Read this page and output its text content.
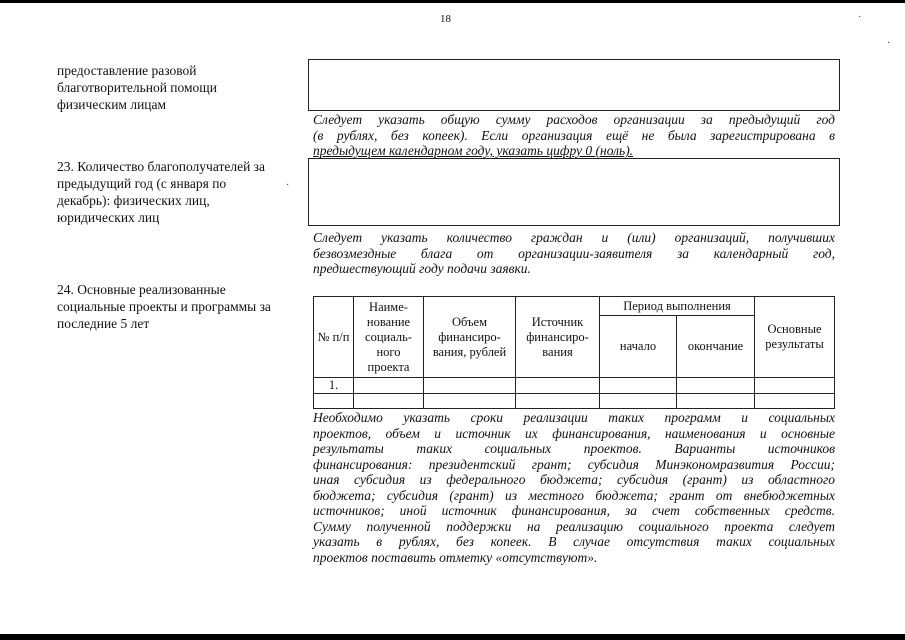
18	·
·
·
предоставление разовой
благотворительной помощи
физическим лицам
Следует указать общую сумму расходов организации за предыдущий год
(в рублях, без копеек). Если организация ещё не была зарегистрирована в
предыдущем календарном году, указать цифру 0 (ноль).
23. Количество благополучателей за
предыдущий год (с января по
декабрь): физических лиц,
юридических лиц
Следует указать количество граждан и (или) организаций, получивших
безвозмездные блага от организации-заявителя за календарный год,
предшествующий году подачи заявки.
24. Основные реализованные
социальные проекты и программы за
последние 5 лет
№ п/п	Наиме-нование социаль-ного проекта	Объем финансиро-вания, рублей	Источник финансиро-вания	Период выполнения		Основные результаты
				начало	окончание	
1.						

Необходимо указать сроки реализации таких программ и социальных
проектов, объем и источник их финансирования, наименования и основные
результаты таких социальных проектов. Варианты источников
финансирования: президентский грант; субсидия Минэкономразвития России;
иная субсидия из федерального бюджета; субсидия (грант) из областного
бюджета; субсидия (грант) из местного бюджета; грант от внебюджетных
источников; иной источник финансирования, за счет собственных средств.
Сумму полученной поддержки на реализацию социального проекта следует
указать в рублях, без копеек. В случае отсутствия таких социальных
проектов поставить отметку «отсутствуют».
